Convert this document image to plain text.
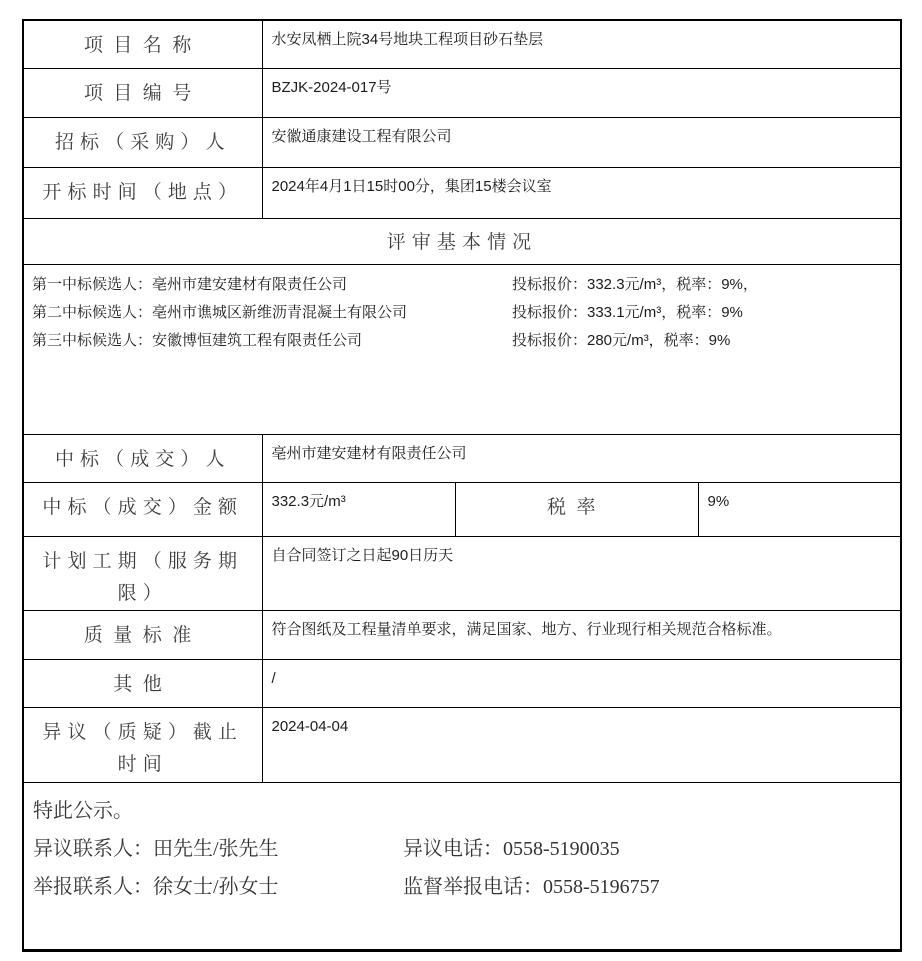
项目名称	水安凤栖上院34号地块工程项目砂石垫层		
项目编号	BZJK-2024-017号		
招标（采购）人	安徽通康建设工程有限公司		
开标时间（地点）	2024年4月1日15时00分，集团15楼会议室		
评审基本情况			

第一中标候选人：亳州市建安建材有限责任公司	投标报价：332.3元/m³，税率：9%，
第二中标候选人：亳州市谯城区新维沥青混凝土有限公司	投标报价：333.1元/m³，税率：9%
第三中标候选人：安徽博恒建筑工程有限责任公司	投标报价：280元/m³，税率：9%

中标（成交）人	亳州市建安建材有限责任公司		
中标（成交）金额	332.3元/m³	税率	9%
计划工期（服务期限）	自合同签订之日起90日历天		
质量标准	符合图纸及工程量清单要求，满足国家、地方、行业现行相关规范合格标准。		
其他	/		
异议（质疑）截止时间	2024-04-04		

特此公示。
异议联系人：田先生/张先生 异议电话：0558-5190035
举报联系人：徐女士/孙女士 监督举报电话：0558-5196757			
